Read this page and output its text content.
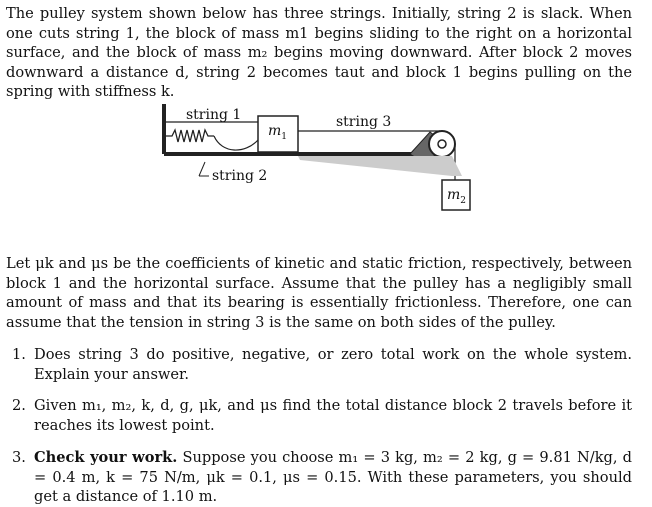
The pulley system shown below has three strings. Initially, string 2 is slack. When one cuts string 1, the block of mass m1 begins sliding to the right on a horizontal surface, and the block of mass m₂ begins moving downward. After block 2 moves downward a distance d, string 2 becomes taut and block 1 begins pulling on the spring with stiffness k.

string 1
string 2
string 3
$m_1$
$m_2$

Let μk and μs be the coefficients of kinetic and static friction, respectively, between block 1 and the horizontal surface. Assume that the pulley has a negligibly small amount of mass and that its bearing is essentially frictionless. Therefore, one can assume that the tension in string 3 is the same on both sides of the pulley.

1. Does string 3 do positive, negative, or zero total work on the whole system. Explain your answer.
2. Given m₁, m₂, k, d, g, μk, and μs find the total distance block 2 travels before it reaches its lowest point.
3. Check your work. Suppose you choose m₁ = 3 kg, m₂ = 2 kg, g = 9.81 N/kg, d = 0.4 m, k = 75 N/m, μk = 0.1, μs = 0.15. With these parameters, you should get a distance of 1.10 m.
